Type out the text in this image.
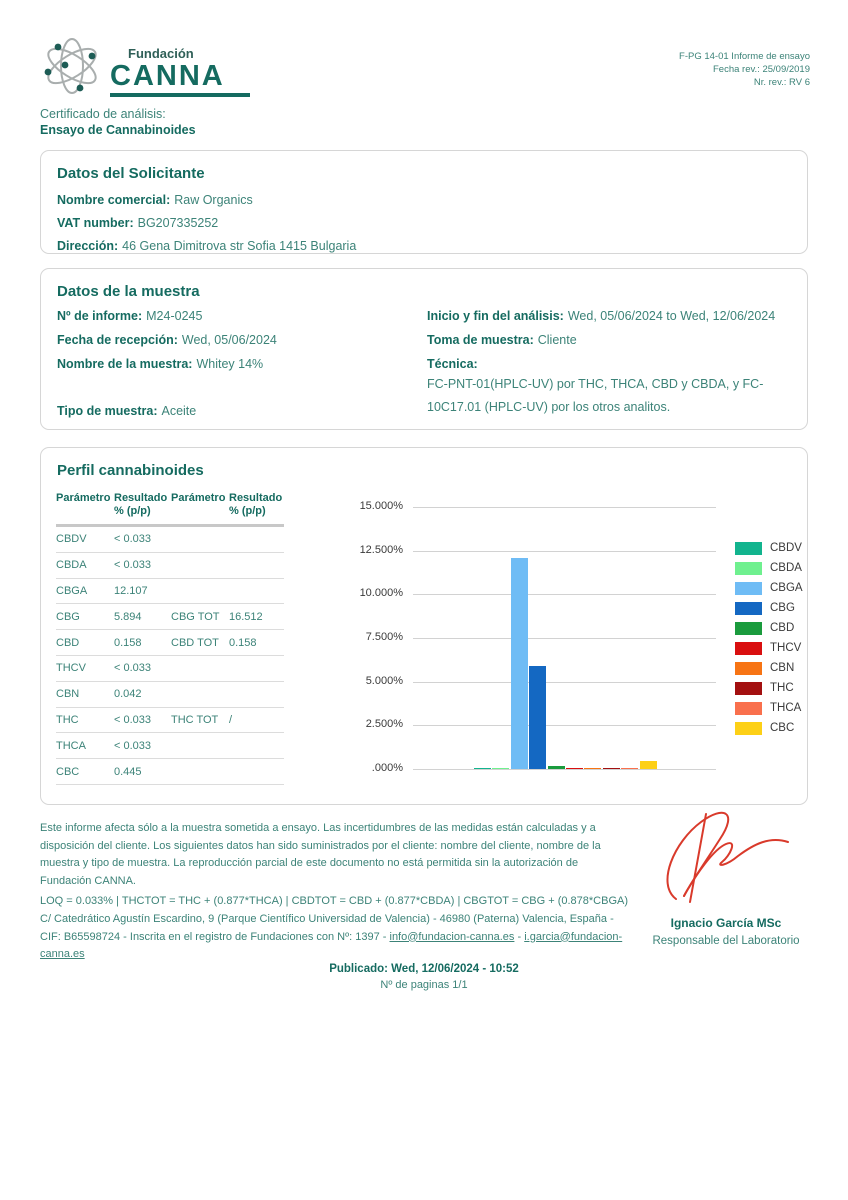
Fundación
CANNA
F-PG 14-01 Informe de ensayo
Fecha rev.: 25/09/2019
Nr. rev.: RV 6
Certificado de análisis:
Ensayo de Cannabinoides
Datos del Solicitante
Nombre comercial: Raw Organics
VAT number: BG207335252
Dirección: 46 Gena Dimitrova str Sofia 1415 Bulgaria
Datos de la muestra
Nº de informe: M24-0245
Fecha de recepción: Wed, 05/06/2024
Nombre de la muestra: Whitey 14%
Tipo de muestra: Aceite
Inicio y fin del análisis: Wed, 05/06/2024 to Wed, 12/06/2024
Toma de muestra: Cliente
Técnica:
FC-PNT-01(HPLC-UV) por THC, THCA, CBD y CBDA, y FC-10C17.01 (HPLC-UV) por los otros analitos.
Perfil cannabinoides
Parámetro Resultado
% (p/p)
Parámetro Resultado
% (p/p)
CBDV	< 0.033
CBDA	< 0.033
CBGA	12.107
CBG	5.894	CBG TOT 16.512
CBD	0.158	CBD TOT 0.158
THCV	< 0.033
CBN	0.042
THC	< 0.033	THC TOT /
THCA	< 0.033
CBC	0.445
15.000%
12.500%
10.000%
7.500%
5.000%
2.500%
.000%
CBDV
CBDA
CBGA
CBG
CBD
THCV
CBN
THC
THCA
CBC
Este informe afecta sólo a la muestra sometida a ensayo. Las incertidumbres de las medidas están calculadas y a disposición del cliente. Los siguientes datos han sido suministrados por el cliente: nombre del cliente, nombre de la muestra y tipo de muestra. La reproducción parcial de este documento no está permitida sin la autorización de Fundación CANNA.
LOQ = 0.033% | THCTOT = THC + (0.877*THCA) | CBDTOT = CBD + (0.877*CBDA) | CBGTOT = CBG + (0.878*CBGA)
C/ Catedrático Agustín Escardino, 9 (Parque Científico Universidad de Valencia) - 46980 (Paterna) Valencia, España - CIF: B65598724 - Inscrita en el registro de Fundaciones con Nº: 1397 - info@fundacion-canna.es - i.garcia@fundacion-canna.es
Ignacio García MSc
Responsable del Laboratorio
Publicado: Wed, 12/06/2024 - 10:52
Nº de paginas 1/1
